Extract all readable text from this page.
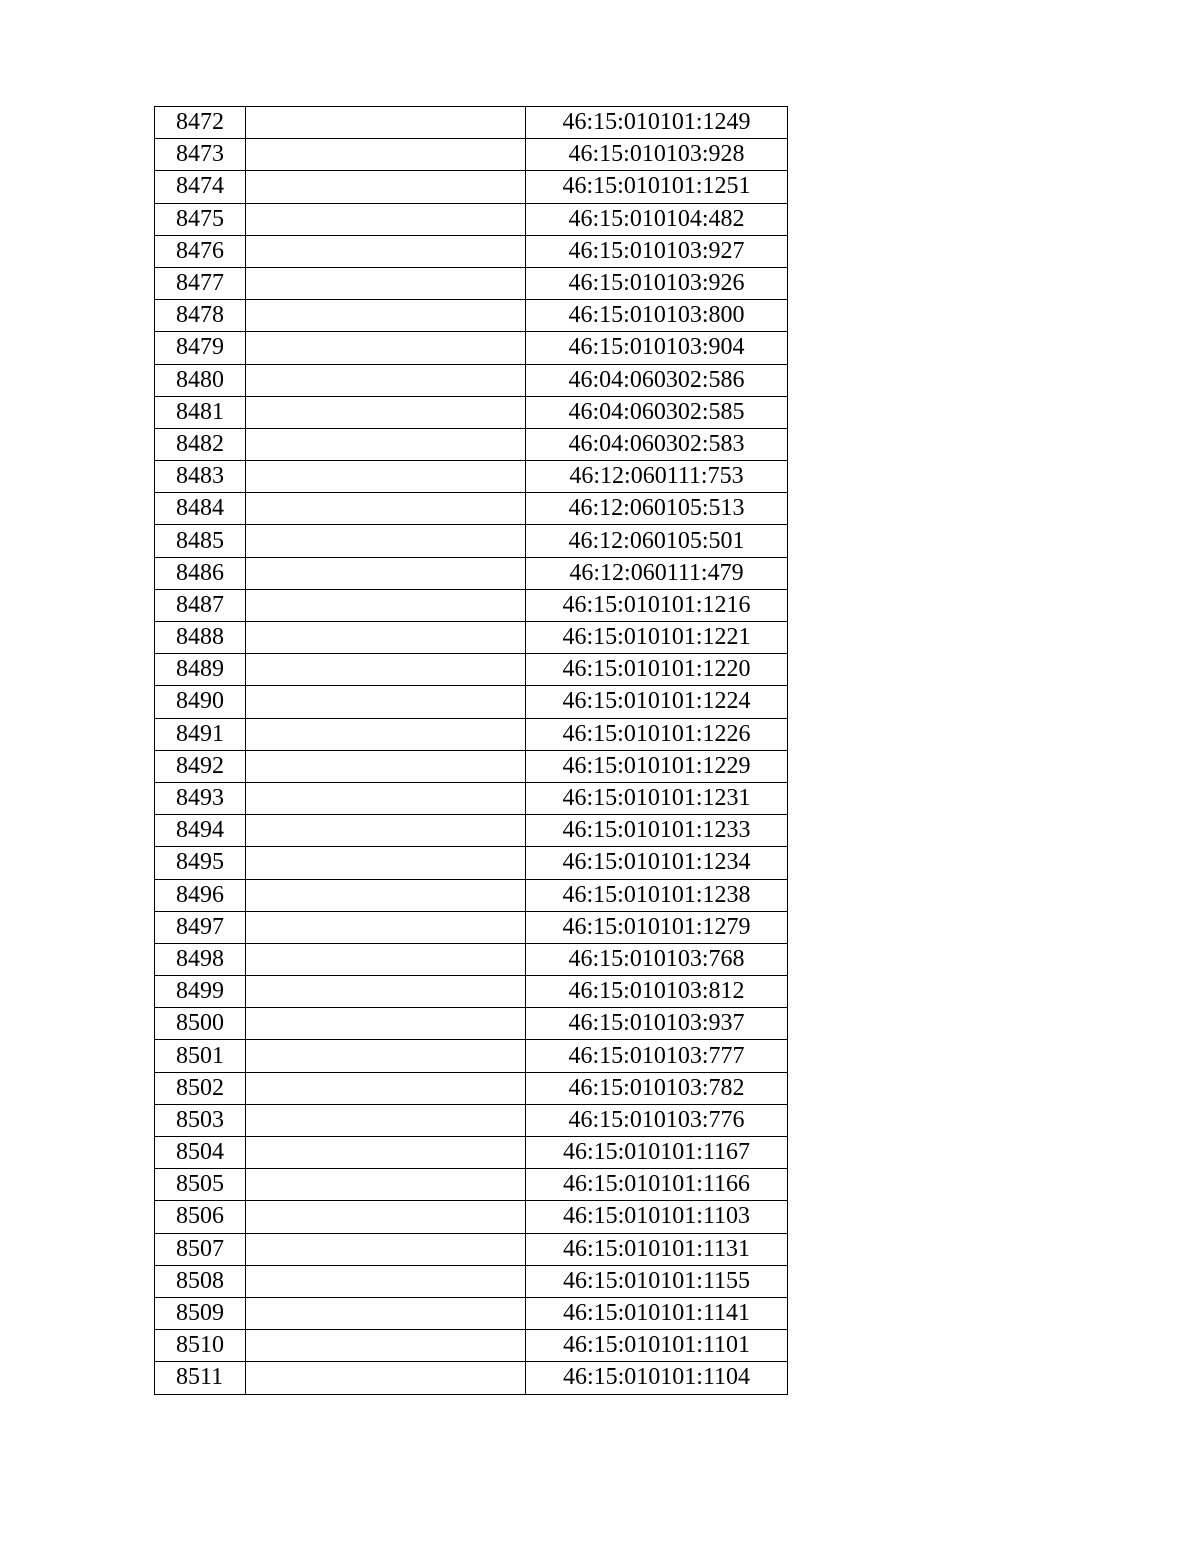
8472		46:15:010101:1249
8473		46:15:010103:928
8474		46:15:010101:1251
8475		46:15:010104:482
8476		46:15:010103:927
8477		46:15:010103:926
8478		46:15:010103:800
8479		46:15:010103:904
8480		46:04:060302:586
8481		46:04:060302:585
8482		46:04:060302:583
8483		46:12:060111:753
8484		46:12:060105:513
8485		46:12:060105:501
8486		46:12:060111:479
8487		46:15:010101:1216
8488		46:15:010101:1221
8489		46:15:010101:1220
8490		46:15:010101:1224
8491		46:15:010101:1226
8492		46:15:010101:1229
8493		46:15:010101:1231
8494		46:15:010101:1233
8495		46:15:010101:1234
8496		46:15:010101:1238
8497		46:15:010101:1279
8498		46:15:010103:768
8499		46:15:010103:812
8500		46:15:010103:937
8501		46:15:010103:777
8502		46:15:010103:782
8503		46:15:010103:776
8504		46:15:010101:1167
8505		46:15:010101:1166
8506		46:15:010101:1103
8507		46:15:010101:1131
8508		46:15:010101:1155
8509		46:15:010101:1141
8510		46:15:010101:1101
8511		46:15:010101:1104
